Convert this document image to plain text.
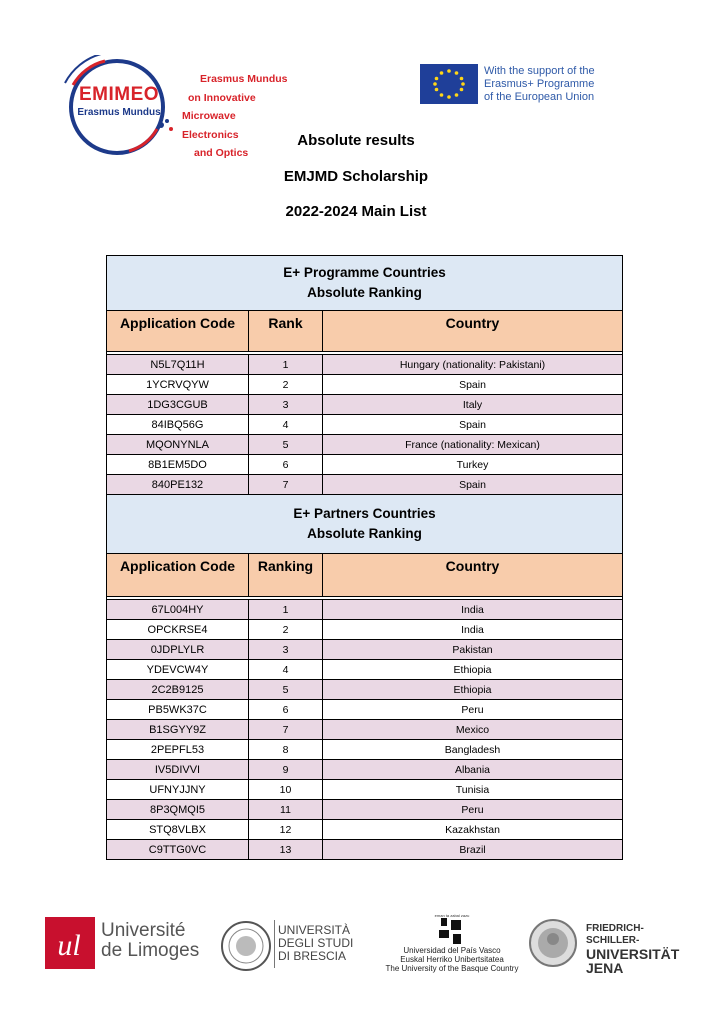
EMIMEO
Erasmus Mundus
Erasmus Mundus
on Innovative
Microwave
Electronics
and Optics
With the support of the
Erasmus+ Programme
of the European Union
Absolute results
EMJMD Scholarship
2022-2024 Main List
E+ Programme Countries
Absolute Ranking		

Application Code	Rank	Country

N5L7Q11H	1	Hungary (nationality: Pakistani)
1YCRVQYW	2	Spain
1DG3CGUB	3	Italy
84IBQ56G	4	Spain
MQONYNLA	5	France (nationality: Mexican)
8B1EM5DO	6	Turkey
840PE132	7	Spain

E+ Partners Countries
Absolute Ranking		

Application Code	Ranking	Country

67L004HY	1	India
OPCKRSE4	2	India
0JDPLYLR	3	Pakistan
YDEVCW4Y	4	Ethiopia
2C2B9125	5	Ethiopia
PB5WK37C	6	Peru
B1SGYY9Z	7	Mexico
2PEPFL53	8	Bangladesh
IV5DIVVI	9	Albania
UFNYJJNY	10	Tunisia
8P3QMQI5	11	Peru
STQ8VLBX	12	Kazakhstan
C9TTG0VC	13	Brazil
ul Université
de Limoges
UNIVERSITÀ
DEGLI STUDI
DI BRESCIA
eman ta zabal zazu
Universidad del País Vasco
Euskal Herriko Unibertsitatea
The University of the Basque Country
FRIEDRICH-SCHILLER-
UNIVERSITÄT
JENA
